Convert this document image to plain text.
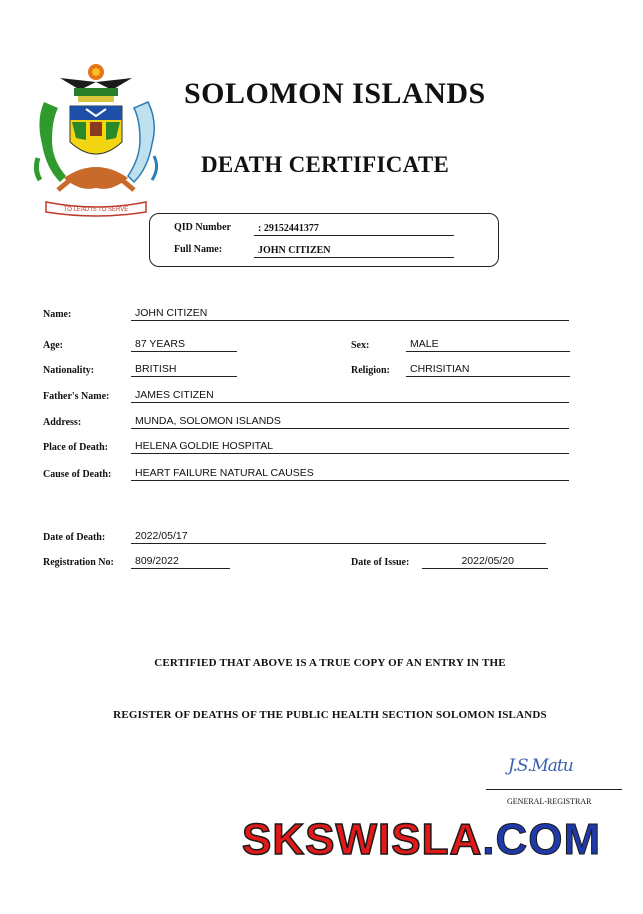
TO LEAD IS TO SERVE
SOLOMON ISLANDS
DEATH CERTIFICATE
QID Number	: 29152441377
Full Name:	JOHN CITIZEN
Name:	JOHN CITIZEN
Age:	87 YEARS	Sex:	MALE
Nationality:	BRITISH	Religion:	CHRISITIAN
Father's Name:	JAMES CITIZEN
Address:	MUNDA, SOLOMON ISLANDS
Place of Death:	HELENA GOLDIE HOSPITAL
Cause of Death:	HEART FAILURE NATURAL CAUSES
Date of Death:	2022/05/17
Registration No:	809/2022	Date of Issue:	2022/05/20
CERTIFIED THAT ABOVE IS A TRUE COPY OF AN ENTRY IN THE
REGISTER OF DEATHS OF THE PUBLIC HEALTH SECTION SOLOMON ISLANDS
J.S.Matu
GENERAL-REGISTRAR
SKSWISLA.COM
